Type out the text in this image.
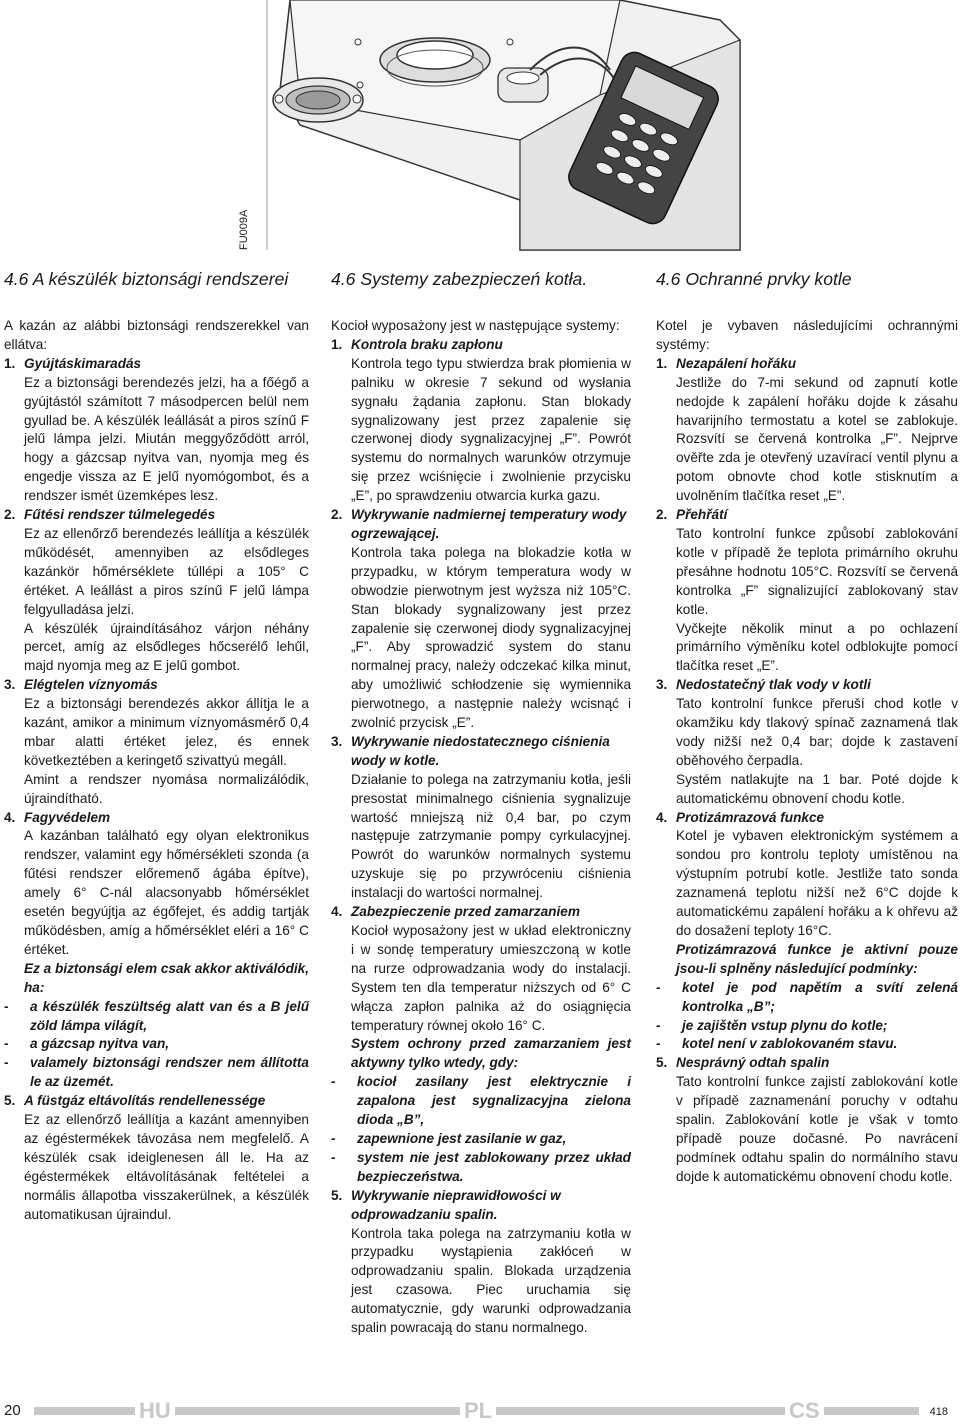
FU009A
4.6 A készülék biztonsági rendszerei

A kazán az alábbi biztonsági rendszerekkel van ellátva:

1. Gyújtáskimaradás

Ez a biztonsági berendezés jelzi, ha a főégő a gyújtástól számított 7 másodpercen belül nem gyullad be. A készülék leállását a piros színű F jelű lámpa jelzi. Miután meggyőződött arról, hogy a gázcsap nyitva van, nyomja meg és engedje vissza az E jelű nyomógombot, és a rendszer ismét üzemképes lesz.

2. Fűtési rendszer túlmelegedés

Ez az ellenőrző berendezés leállítja a készülék működését, amennyiben az elsődleges kazánkör hőmérséklete túllépi a 105° C értéket. A leállást a piros színű F jelű lámpa felgyulladása jelzi.

A készülék újraindításához várjon néhány percet, amíg az elsődleges hőcserélő lehűl, majd nyomja meg az E jelű gombot.

3. Elégtelen víznyomás

Ez a biztonsági berendezés akkor állítja le a kazánt, amikor a minimum víznyomásmérő 0,4 mbar alatti értéket jelez, és ennek következtében a keringető szivattyú megáll.

Amint a rendszer nyomása normalizálódik, újraindítható.

4. Fagyvédelem

A kazánban található egy olyan elektronikus rendszer, valamint egy hőmérsékleti szonda (a fűtési rendszer előremenő ágába építve), amely 6° C-nál alacsonyabb hőmérséklet esetén begyújtja az égőfejet, és addig tartják működésben, amíg a hőmérséklet eléri a 16° C értéket.

Ez a biztonsági elem csak akkor aktiválódik, ha:

-	a készülék feszültség alatt van és a B jelű zöld lámpa világít,
-	a gázcsap nyitva van,
-	valamely biztonsági rendszer nem állította le az üzemét.
5. A füstgáz eltávolítás rendellenessége

Ez az ellenőrző leállítja a kazánt amennyiben az égéstermékek távozása nem megfelelő. A készülék csak ideiglenesen áll le. Ha az égéstermékek eltávolításának feltételei a normális állapotba visszakerülnek, a készülék automatikusan újraindul.

4.6 Systemy zabezpieczeń kotła.

Kocioł wyposażony jest w następujące systemy:

1. Kontrola braku zapłonu

Kontrola tego typu stwierdza brak płomienia w palniku w okresie 7 sekund od wysłania sygnału żądania zapłonu. Stan blokady sygnalizowany jest przez zapalenie się czerwonej diody sygnalizacyjnej „F”. Powrót systemu do normalnych warunków otrzymuje się przez wciśnięcie i zwolnienie przycisku „E”, po sprawdzeniu otwarcia kurka gazu.

2. Wykrywanie nadmiernej temperatury wody ogrzewającej.

Kontrola taka polega na blokadzie kotła w przypadku, w którym temperatura wody w obwodzie pierwotnym jest wyższa niż 105°C. Stan blokady sygnalizowany jest przez zapalenie się czerwonej diody sygnalizacyjnej „F”. Aby sprowadzić system do stanu normalnej pracy, należy odczekać kilka minut, aby umożliwić schłodzenie się wymiennika pierwotnego, a następnie należy wcisnąć i zwolnić przycisk „E”.

3. Wykrywanie niedostatecznego ciśnienia wody w kotle.

Działanie to polega na zatrzymaniu kotła, jeśli presostat minimalnego ciśnienia sygnalizuje wartość mniejszą niż 0,4 bar, po czym następuje zatrzymanie pompy cyrkulacyjnej. Powrót do warunków normalnych systemu uzyskuje się po przywróceniu ciśnienia instalacji do wartości normalnej.

4. Zabezpieczenie przed zamarzaniem

Kocioł wyposażony jest w układ elektroniczny i w sondę temperatury umieszczoną w kotle na rurze odprowadzania wody do instalacji. System ten dla temperatur niższych od 6° C włącza zapłon palnika aż do osiągnięcia temperatury równej około 16° C.

System ochrony przed zamarzaniem jest aktywny tylko wtedy, gdy:

-	kocioł zasilany jest elektrycznie i zapalona jest sygnalizacyjna zielona dioda „B”,
-	zapewnione jest zasilanie w gaz,
-	system nie jest zablokowany przez układ bezpieczeństwa.
5. Wykrywanie nieprawidłowości w odprowadzaniu spalin.

Kontrola taka polega na zatrzymaniu kotła w przypadku wystąpienia zakłóceń w odprowadzaniu spalin. Blokada urządzenia jest czasowa. Piec uruchamia się automatycznie, gdy warunki odprowadzania spalin powracają do stanu normalnego.

4.6 Ochranné prvky kotle

Kotel je vybaven následujícími ochrannými systémy:

1. Nezapálení hořáku

Jestliže do 7-mi sekund od zapnutí kotle nedojde k zapálení hořáku dojde k zásahu havarijního termostatu a kotel se zablokuje. Rozsvítí se červená kontrolka „F”. Nejprve ověřte zda je otevřený uzavírací ventil plynu a potom obnovte chod kotle stisknutím a uvolněním tlačítka reset „E”.

2. Přehřátí

Tato kontrolní funkce způsobí zablokování kotle v případě že teplota primárního okruhu přesáhne hodnotu 105°C. Rozsvítí se červená kontrolka „F” signalizující zablokovaný stav kotle.

Vyčkejte několik minut a po ochlazení primárního výměníku kotel odblokujte pomocí tlačítka reset „E”.

3. Nedostatečný tlak vody v kotli

Tato kontrolní funkce přeruší chod kotle v okamžiku kdy tlakový spínač zaznamená tlak vody nižší než 0,4 bar; dojde k zastavení oběhového čerpadla.

Systém natlakujte na 1 bar. Poté dojde k automatickému obnovení chodu kotle.

4. Protizámrazová funkce

Kotel je vybaven elektronickým systémem a sondou pro kontrolu teploty umístěnou na výstupním potrubí kotle. Jestliže tato sonda zaznamená teplotu nižší než 6°C dojde k automatickému zapálení hořáku a k ohřevu až do dosažení teploty 16°C.

Protizámrazová funkce je aktivní pouze jsou-li splněny následující podmínky:

-	kotel je pod napětím a svítí zelená kontrolka „B”;
-	je zajištěn vstup plynu do kotle;
-	kotel není v zablokovaném stavu.
5. Nesprávný odtah spalin

Tato kontrolní funkce zajistí zablokování kotle v případě zaznamenání poruchy v odtahu spalin. Zablokování kotle je však v tomto případě pouze dočasné. Po navrácení podmínek odtahu spalin do normálního stavu dojde k automatickému obnovení chodu kotle.

20	HU	PL	CS	418
